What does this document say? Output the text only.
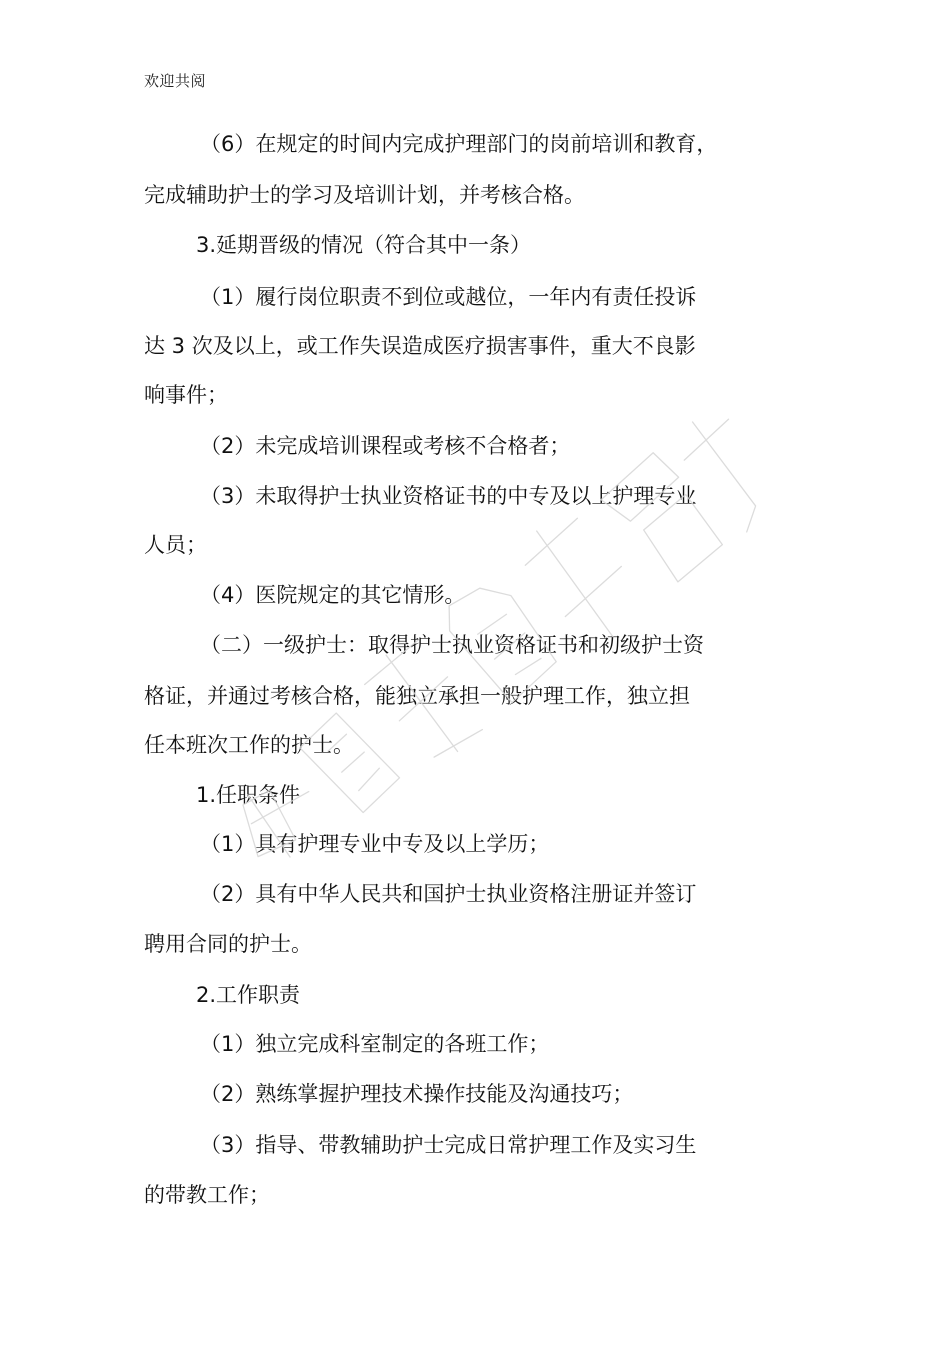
欢迎共阅
（6）在规定的时间内完成护理部门的岗前培训和教育，
完成辅助护士的学习及培训计划，并考核合格。
3.延期晋级的情况（符合其中一条）
（1）履行岗位职责不到位或越位，一年内有责任投诉
达 3 次及以上，或工作失误造成医疗损害事件，重大不良影
响事件；
（2）未完成培训课程或考核不合格者；
（3）未取得护士执业资格证书的中专及以上护理专业
人员；
（4）医院规定的其它情形。
（二）一级护士：取得护士执业资格证书和初级护士资
格证，并通过考核合格，能独立承担一般护理工作，独立担
任本班次工作的护士。
1.任职条件
（1）具有护理专业中专及以上学历；
（2）具有中华人民共和国护士执业资格注册证并签订
聘用合同的护士。
2.工作职责
（1）独立完成科室制定的各班工作；
（2）熟练掌握护理技术操作技能及沟通技巧；
（3）指导、带教辅助护士完成日常护理工作及实习生
的带教工作；
